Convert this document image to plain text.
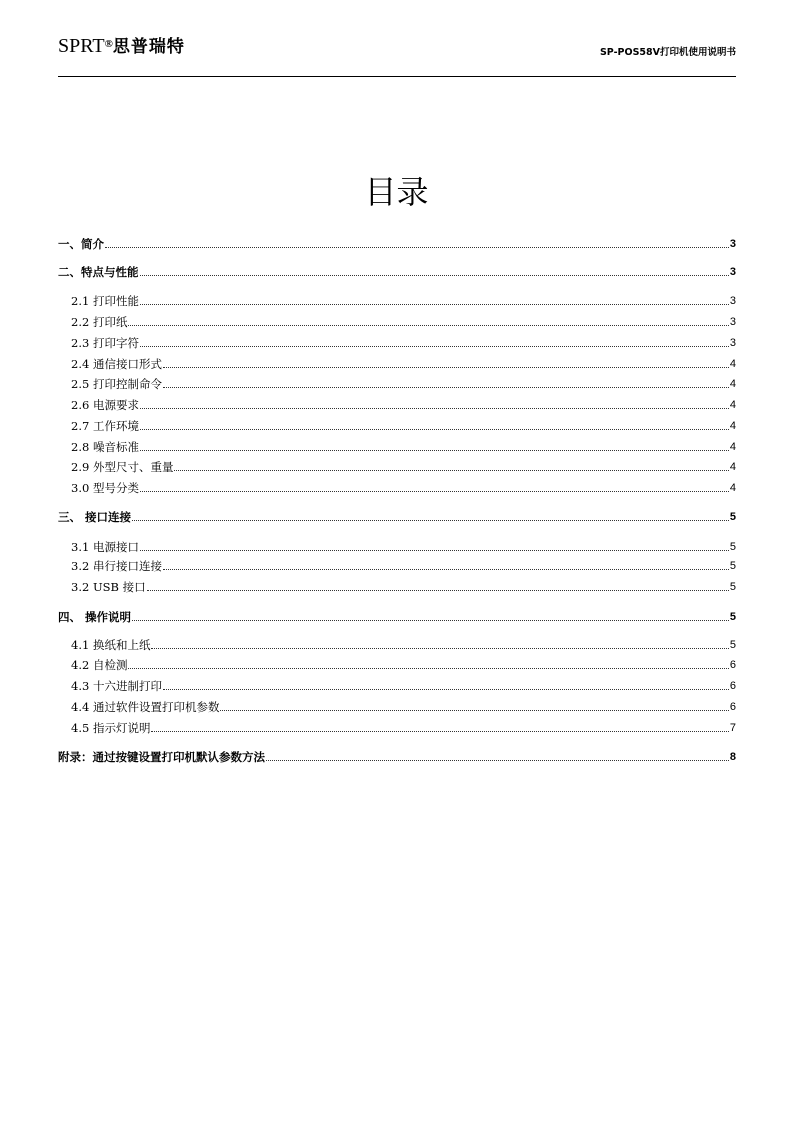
SPRT®思普瑞特	SP-POS58V打印机使用说明书
目录
一、简介	3
二、特点与性能	3
2.1 打印性能	3
2.2 打印纸	3
2.3 打印字符	3
2.4 通信接口形式	4
2.5 打印控制命令	4
2.6 电源要求	4
2.7 工作环境	4
2.8 噪音标准	4
2.9 外型尺寸、重量	4
3.0 型号分类	4
三、 接口连接	5
3.1 电源接口	5
3.2 串行接口连接	5
3.2 USB 接口	5
四、 操作说明	5
4.1 换纸和上纸	5
4.2 自检测	6
4.3 十六进制打印	6
4.4 通过软件设置打印机参数	6
4.5 指示灯说明	7
附录：通过按键设置打印机默认参数方法	8
